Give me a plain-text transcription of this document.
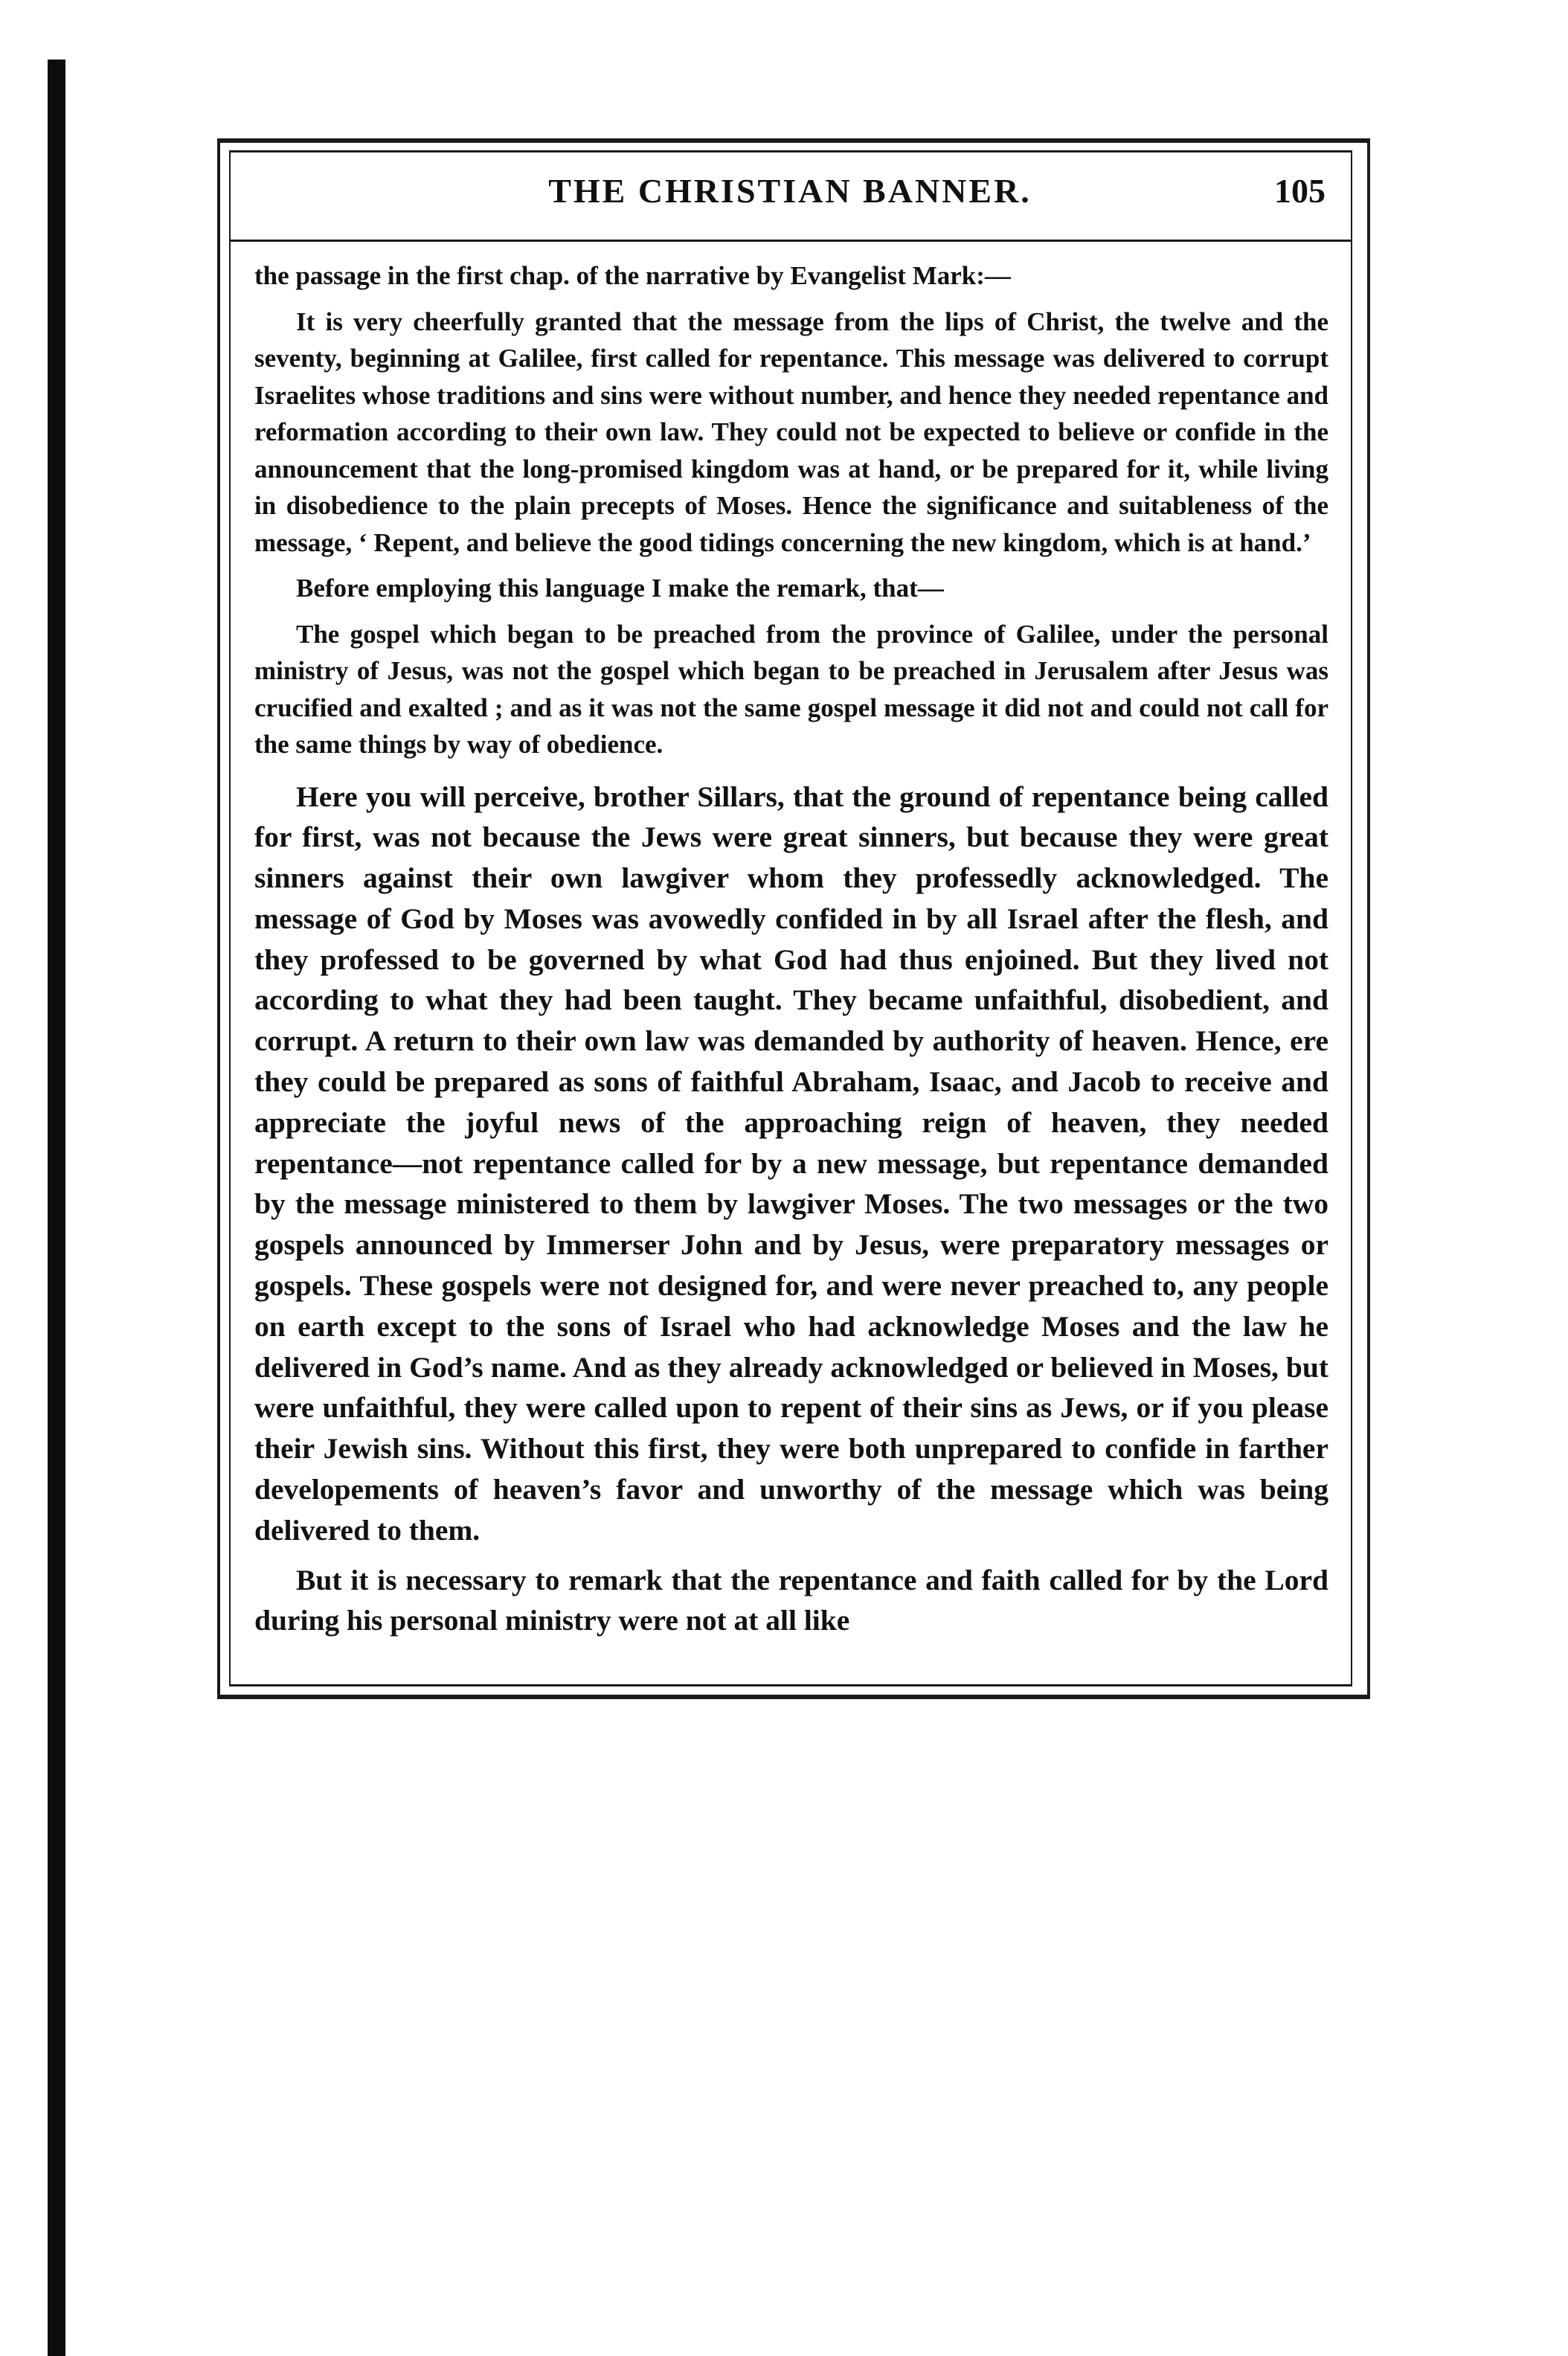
THE CHRISTIAN BANNER.	105

the passage in the first chap. of the narrative by Evangelist Mark:—

It is very cheerfully granted that the message from the lips of Christ, the twelve and the seventy, beginning at Galilee, first called for repentance. This message was delivered to corrupt Israelites whose traditions and sins were without number, and hence they needed repentance and reformation according to their own law. They could not be expected to believe or confide in the announcement that the long-promised kingdom was at hand, or be prepared for it, while living in disobedience to the plain precepts of Moses. Hence the significance and suitableness of the message, ‘ Repent, and believe the good tidings concerning the new kingdom, which is at hand.’

Before employing this language I make the remark, that—

The gospel which began to be preached from the province of Galilee, under the personal ministry of Jesus, was not the gospel which began to be preached in Jerusalem after Jesus was crucified and exalted ; and as it was not the same gospel message it did not and could not call for the same things by way of obedience.

Here you will perceive, brother Sillars, that the ground of repentance being called for first, was not because the Jews were great sinners, but because they were great sinners against their own lawgiver whom they professedly acknowledged. The message of God by Moses was avowedly confided in by all Israel after the flesh, and they professed to be governed by what God had thus enjoined. But they lived not according to what they had been taught. They became unfaithful, disobedient, and corrupt. A return to their own law was demanded by authority of heaven. Hence, ere they could be prepared as sons of faithful Abraham, Isaac, and Jacob to receive and appreciate the joyful news of the approaching reign of heaven, they needed repentance—not repentance called for by a new message, but repentance demanded by the message ministered to them by lawgiver Moses. The two messages or the two gospels announced by Immerser John and by Jesus, were preparatory messages or gospels. These gospels were not designed for, and were never preached to, any people on earth except to the sons of Israel who had acknowledge Moses and the law he delivered in God’s name. And as they already acknowledged or believed in Moses, but were unfaithful, they were called upon to repent of their sins as Jews, or if you please their Jewish sins. Without this first, they were both unprepared to confide in farther developements of heaven’s favor and unworthy of the message which was being delivered to them.

But it is necessary to remark that the repentance and faith called for by the Lord during his personal ministry were not at all like
